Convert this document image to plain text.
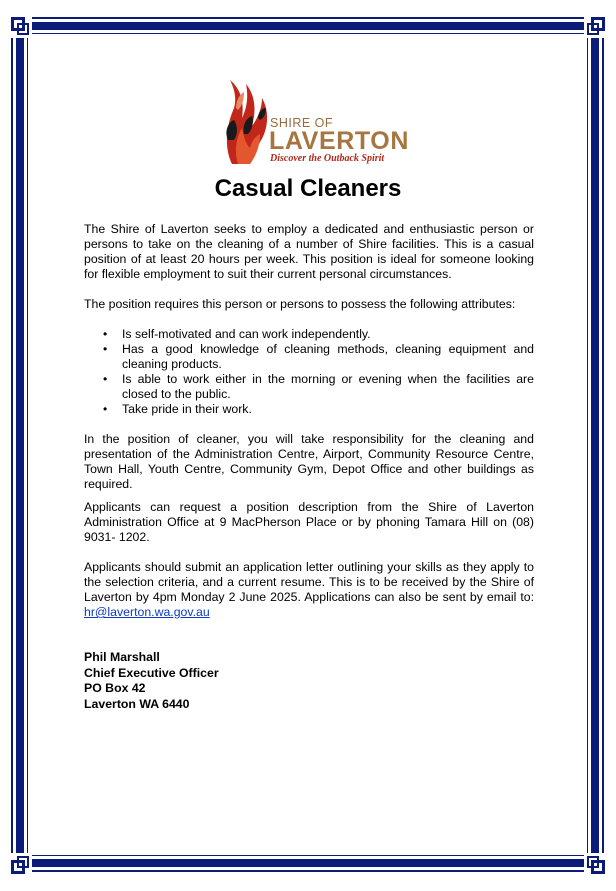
SHIRE OF
LAVERTON
Discover the Outback Spirit
Casual Cleaners

The Shire of Laverton seeks to employ a dedicated and enthusiastic person or persons to take on the cleaning of a number of Shire facilities. This is a casual position of at least 20 hours per week. This position is ideal for someone looking for flexible employment to suit their current personal circumstances.

The position requires this person or persons to possess the following attributes:

• Is self-motivated and can work independently.
• Has a good knowledge of cleaning methods, cleaning equipment and cleaning products.
• Is able to work either in the morning or evening when the facilities are closed to the public.
• Take pride in their work.

In the position of cleaner, you will take responsibility for the cleaning and presentation of the Administration Centre, Airport, Community Resource Centre, Town Hall, Youth Centre, Community Gym, Depot Office and other buildings as required.

Applicants can request a position description from the Shire of Laverton Administration Office at 9 MacPherson Place or by phoning Tamara Hill on (08) 9031- 1202.

Applicants should submit an application letter outlining your skills as they apply to the selection criteria, and a current resume. This is to be received by the Shire of Laverton by 4pm Monday 2 June 2025. Applications can also be sent by email to: hr@laverton.wa.gov.au

Phil Marshall
Chief Executive Officer
PO Box 42
Laverton WA 6440
